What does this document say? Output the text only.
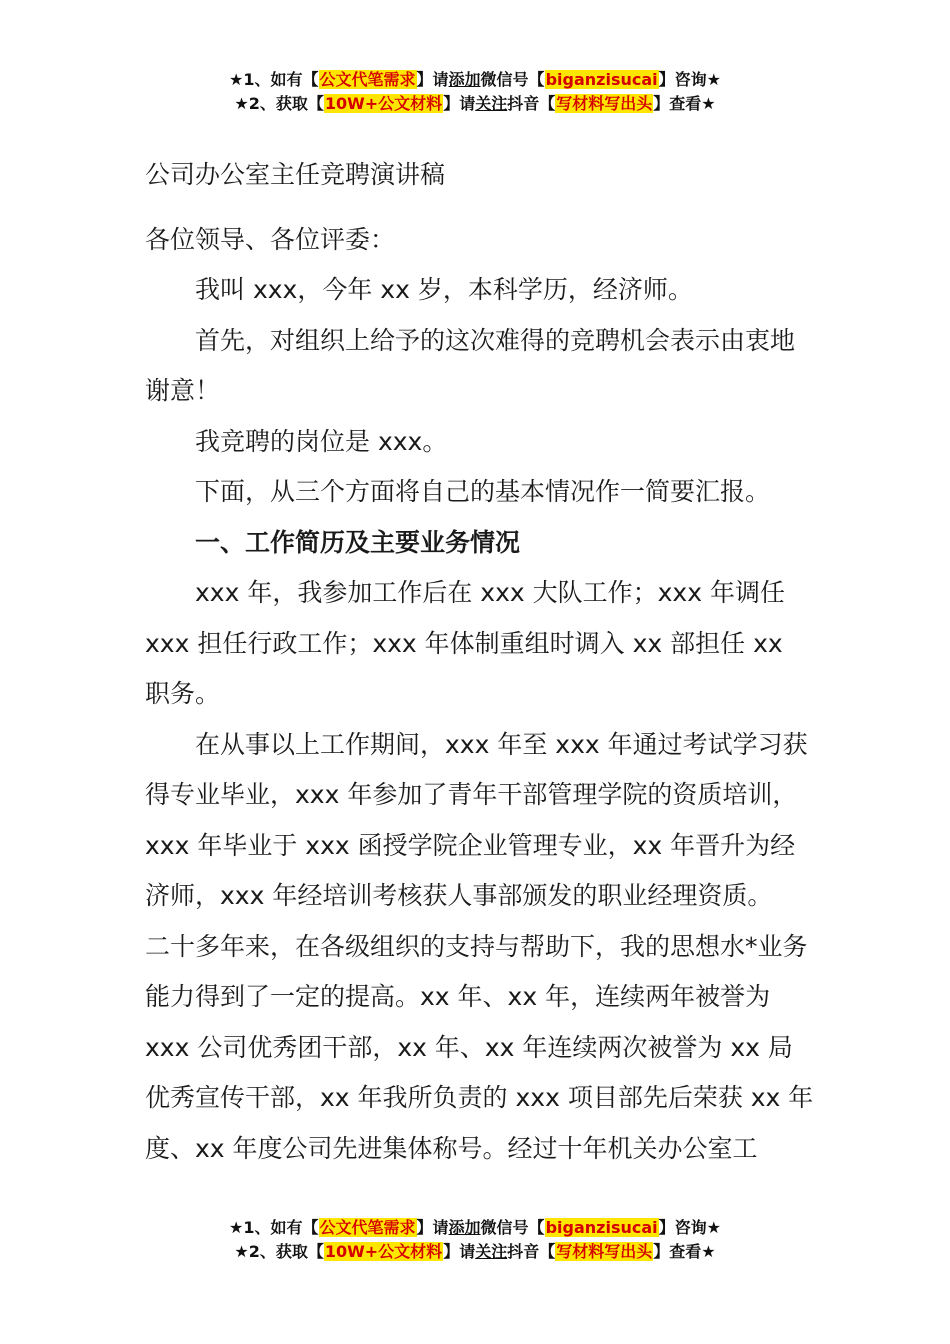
★1、如有【公文代笔需求】请添加微信号【biganzisucai】咨询★
★2、获取【10W+公文材料】请关注抖音【写材料写出头】查看★

公司办公室主任竞聘演讲稿

各位领导、各位评委：

我叫 xxx，今年 xx 岁，本科学历，经济师。

首先，对组织上给予的这次难得的竞聘机会表示由衷地谢意！

我竞聘的岗位是 xxx。

下面，从三个方面将自己的基本情况作一简要汇报。

一、工作简历及主要业务情况

xxx 年，我参加工作后在 xxx 大队工作；xxx 年调任 xxx 担任行政工作；xxx 年体制重组时调入 xx 部担任 xx 职务。

在从事以上工作期间，xxx 年至 xxx 年通过考试学习获得专业毕业，xxx 年参加了青年干部管理学院的资质培训，xxx 年毕业于 xxx 函授学院企业管理专业，xx 年晋升为经济师，xxx 年经培训考核获人事部颁发的职业经理资质。

二十多年来，在各级组织的支持与帮助下，我的思想水*业务能力得到了一定的提高。xx 年、xx 年，连续两年被誉为 xxx 公司优秀团干部，xx 年、xx 年连续两次被誉为 xx 局优秀宣传干部，xx 年我所负责的 xxx 项目部先后荣获 xx 年度、xx 年度公司先进集体称号。经过十年机关办公室工

★1、如有【公文代笔需求】请添加微信号【biganzisucai】咨询★
★2、获取【10W+公文材料】请关注抖音【写材料写出头】查看★
